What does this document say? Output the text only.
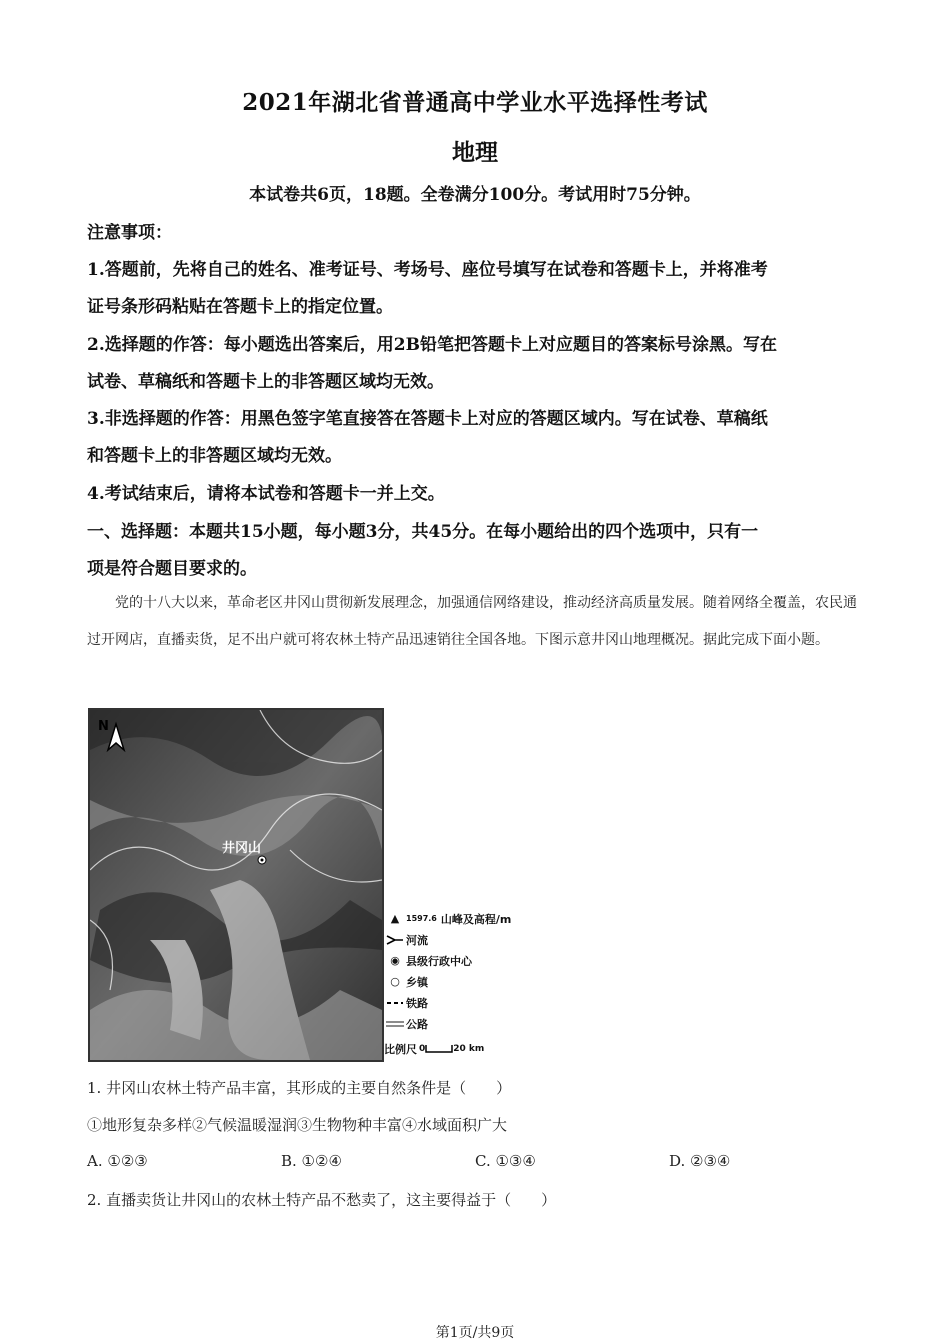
2021年湖北省普通高中学业水平选择性考试
地理
本试卷共6页，18题。全卷满分100分。考试用时75分钟。
注意事项：
1.答题前，先将自己的姓名、准考证号、考场号、座位号填写在试卷和答题卡上，并将准考
证号条形码粘贴在答题卡上的指定位置。
2.选择题的作答：每小题选出答案后，用2B铅笔把答题卡上对应题目的答案标号涂黑。写在
试卷、草稿纸和答题卡上的非答题区域均无效。
3.非选择题的作答：用黑色签字笔直接答在答题卡上对应的答题区域内。写在试卷、草稿纸
和答题卡上的非答题区域均无效。
4.考试结束后，请将本试卷和答题卡一并上交。
一、选择题：本题共15小题，每小题3分，共45分。在每小题给出的四个选项中，只有一
项是符合题目要求的。
党的十八大以来，革命老区井冈山贯彻新发展理念，加强通信网络建设，推动经济高质量发展。随着网络全覆盖，农民通过开网店，直播卖货，足不出户就可将农林土特产品迅速销往全国各地。下图示意井冈山地理概况。据此完成下面小题。
N
井冈山
▲ 1597.6 山峰及高程/m
河流
◉ 县级行政中心
○ 乡镇
铁路
公路
比例尺 0	20 km
1. 井冈山农林土特产品丰富，其形成的主要自然条件是（　　）
①地形复杂多样②气候温暖湿润③生物物种丰富④水域面积广大
A. ①②③	B. ①②④	C. ①③④	D. ②③④
2. 直播卖货让井冈山的农林土特产品不愁卖了，这主要得益于（　　）
第1页/共9页
